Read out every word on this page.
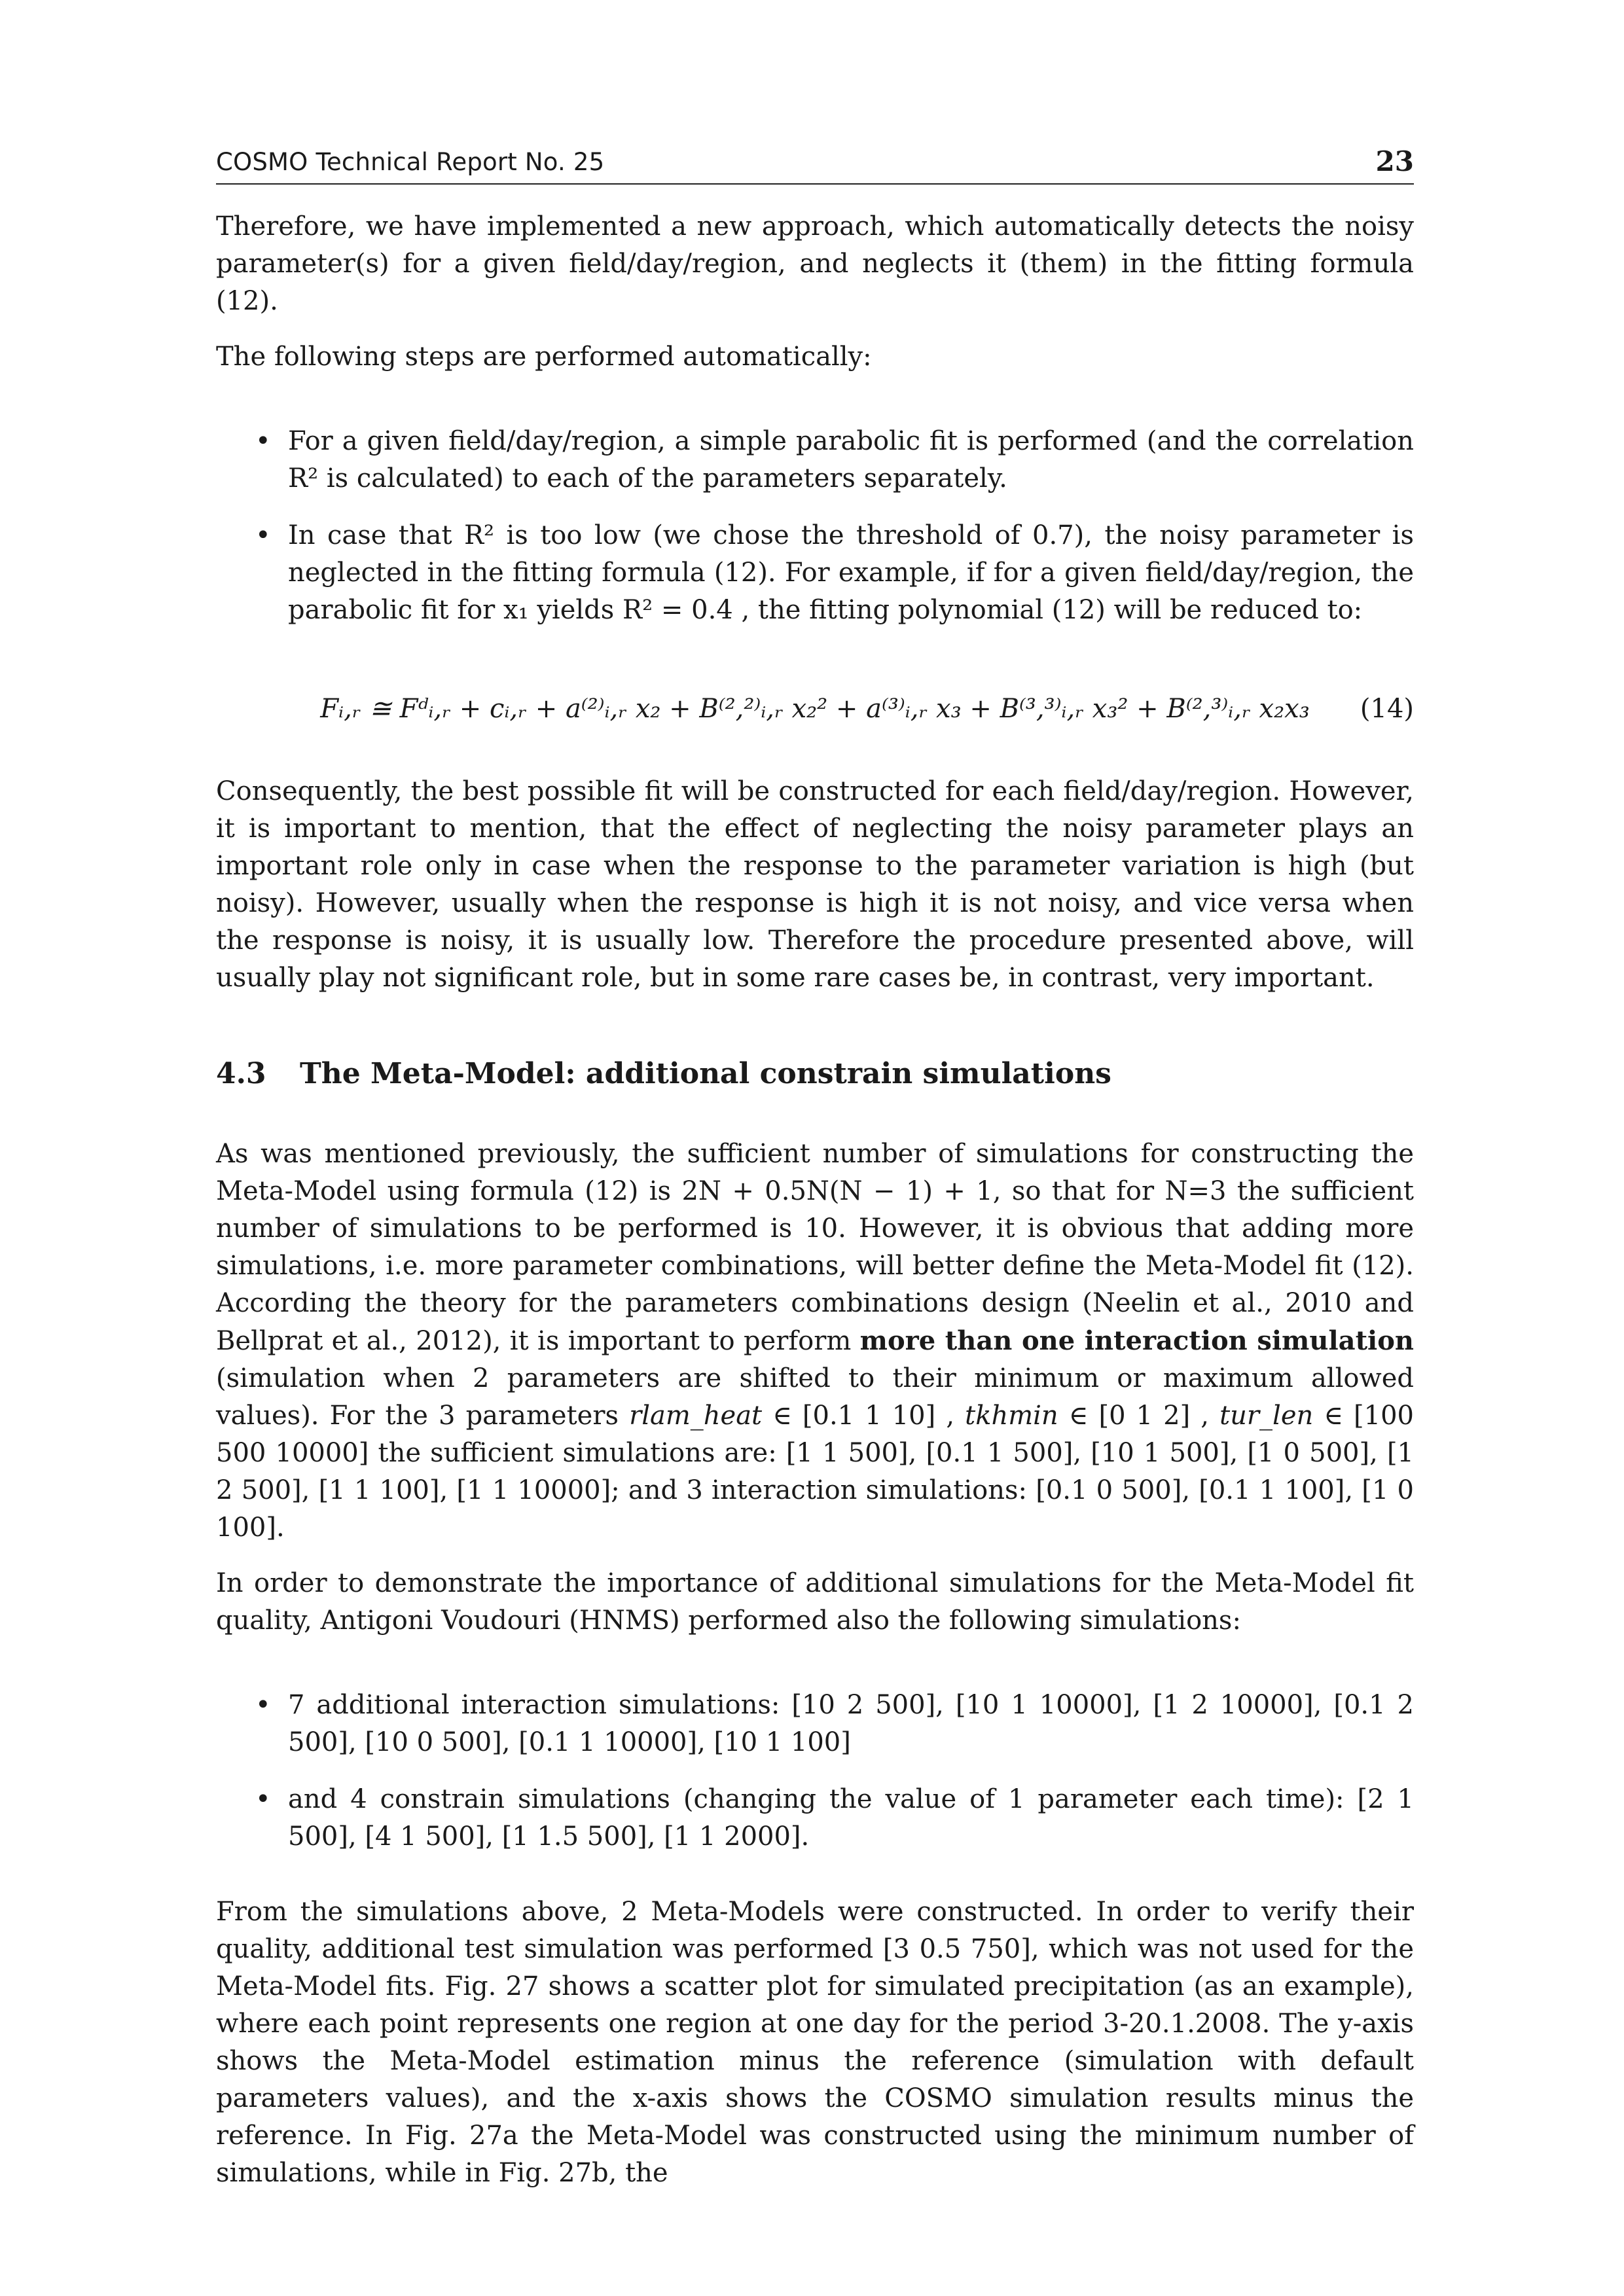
COSMO Technical Report No. 25	23

Therefore, we have implemented a new approach, which automatically detects the noisy parameter(s) for a given field/day/region, and neglects it (them) in the fitting formula (12).

The following steps are performed automatically:

• For a given field/day/region, a simple parabolic fit is performed (and the correlation R² is calculated) to each of the parameters separately.
• In case that R² is too low (we chose the threshold of 0.7), the noisy parameter is neglected in the fitting formula (12). For example, if for a given field/day/region, the parabolic fit for x₁ yields R² = 0.4 , the fitting polynomial (12) will be reduced to:
Fᵢ,ᵣ ≅ Fᵈᵢ,ᵣ + cᵢ,ᵣ + a⁽²⁾ᵢ,ᵣ x₂ + B⁽²,²⁾ᵢ,ᵣ x₂² + a⁽³⁾ᵢ,ᵣ x₃ + B⁽³,³⁾ᵢ,ᵣ x₃² + B⁽²,³⁾ᵢ,ᵣ x₂x₃ (14)

Consequently, the best possible fit will be constructed for each field/day/region. However, it is important to mention, that the effect of neglecting the noisy parameter plays an important role only in case when the response to the parameter variation is high (but noisy). However, usually when the response is high it is not noisy, and vice versa when the response is noisy, it is usually low. Therefore the procedure presented above, will usually play not significant role, but in some rare cases be, in contrast, very important.

4.3 The Meta-Model: additional constrain simulations

As was mentioned previously, the sufficient number of simulations for constructing the Meta-Model using formula (12) is 2N + 0.5N(N − 1) + 1, so that for N=3 the sufficient number of simulations to be performed is 10. However, it is obvious that adding more simulations, i.e. more parameter combinations, will better define the Meta-Model fit (12). According the theory for the parameters combinations design (Neelin et al., 2010 and Bellprat et al., 2012), it is important to perform more than one interaction simulation (simulation when 2 parameters are shifted to their minimum or maximum allowed values). For the 3 parameters rlam_heat ∈ [0.1 1 10] , tkhmin ∈ [0 1 2] , tur_len ∈ [100 500 10000] the sufficient simulations are: [1 1 500], [0.1 1 500], [10 1 500], [1 0 500], [1 2 500], [1 1 100], [1 1 10000]; and 3 interaction simulations: [0.1 0 500], [0.1 1 100], [1 0 100].

In order to demonstrate the importance of additional simulations for the Meta-Model fit quality, Antigoni Voudouri (HNMS) performed also the following simulations:

• 7 additional interaction simulations: [10 2 500], [10 1 10000], [1 2 10000], [0.1 2 500], [10 0 500], [0.1 1 10000], [10 1 100]
• and 4 constrain simulations (changing the value of 1 parameter each time): [2 1 500], [4 1 500], [1 1.5 500], [1 1 2000].

From the simulations above, 2 Meta-Models were constructed. In order to verify their quality, additional test simulation was performed [3 0.5 750], which was not used for the Meta-Model fits. Fig. 27 shows a scatter plot for simulated precipitation (as an example), where each point represents one region at one day for the period 3-20.1.2008. The y-axis shows the Meta-Model estimation minus the reference (simulation with default parameters values), and the x-axis shows the COSMO simulation results minus the reference. In Fig. 27a the Meta-Model was constructed using the minimum number of simulations, while in Fig. 27b, the
